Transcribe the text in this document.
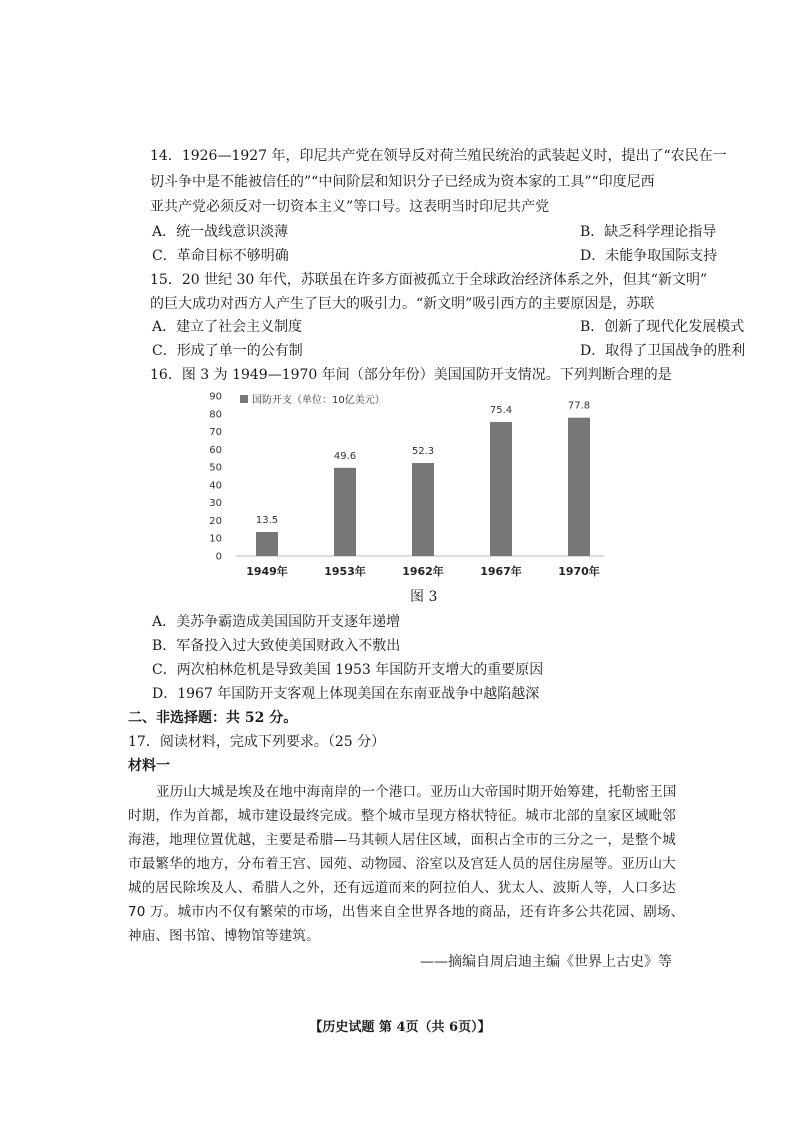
14．1926—1927 年，印尼共产党在领导反对荷兰殖民统治的武装起义时，提出了“农民在一
切斗争中是不能被信任的”“中间阶层和知识分子已经成为资本家的工具”“印度尼西
亚共产党必须反对一切资本主义”等口号。这表明当时印尼共产党
A．统一战线意识淡薄	B．缺乏科学理论指导
C．革命目标不够明确	D．未能争取国际支持
15．20 世纪 30 年代，苏联虽在许多方面被孤立于全球政治经济体系之外，但其“新文明”
的巨大成功对西方人产生了巨大的吸引力。“新文明”吸引西方的主要原因是，苏联
A．建立了社会主义制度	B．创新了现代化发展模式
C．形成了单一的公有制	D．取得了卫国战争的胜利
16．图 3 为 1949—1970 年间（部分年份）美国国防开支情况。下列判断合理的是
0
10
20
30
40
50
60
70
80
90	国防开支（单位：10亿美元）
13.5
49.6	52.3
75.4	77.8
1949年	1953年	1962年	1967年	1970年
图 3
A．美苏争霸造成美国国防开支逐年递增
B．军备投入过大致使美国财政入不敷出
C．两次柏林危机是导致美国 1953 年国防开支增大的重要原因
D．1967 年国防开支客观上体现美国在东南亚战争中越陷越深
二、非选择题：共 52 分。
17．阅读材料，完成下列要求。（25 分）
材料一
亚历山大城是埃及在地中海南岸的一个港口。亚历山大帝国时期开始筹建，托勒密王国
时期，作为首都，城市建设最终完成。整个城市呈现方格状特征。城市北部的皇家区域毗邻
海港，地理位置优越，主要是希腊—马其顿人居住区域，面积占全市的三分之一，是整个城
市最繁华的地方，分布着王宫、园苑、动物园、浴室以及宫廷人员的居住房屋等。亚历山大
城的居民除埃及人、希腊人之外，还有远道而来的阿拉伯人、犹太人、波斯人等，人口多达
70 万。城市内不仅有繁荣的市场，出售来自全世界各地的商品，还有许多公共花园、剧场、
神庙、图书馆、博物馆等建筑。
——摘编自周启迪主编《世界上古史》等
【历史试题 第 4页（共 6页）】
